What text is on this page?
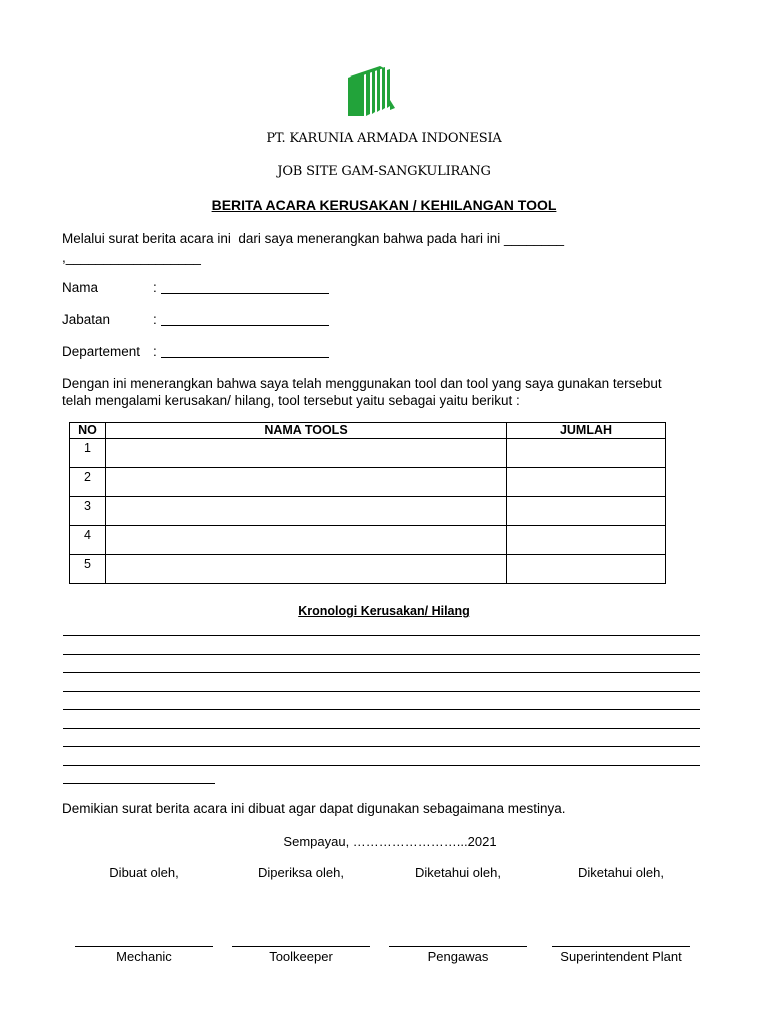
PT. KARUNIA ARMADA INDONESIA
JOB SITE GAM-SANGKULIRANG
BERITA ACARA KERUSAKAN / KEHILANGAN TOOL
Melalui surat berita acara ini  dari saya menerangkan bahwa pada hari ini ________
,__________________
Nama	:
Jabatan	:
Departement :
Dengan ini menerangkan bahwa saya telah menggunakan tool dan tool yang saya gunakan tersebut
telah mengalami kerusakan/ hilang, tool tersebut yaitu sebagai yaitu berikut :
NO	NAMA TOOLS	JUMLAH
1		
2		
3		
4		
5		
Kronologi Kerusakan/ Hilang
Demikian surat berita acara ini dibuat agar dapat digunakan sebagaimana mestinya.
Sempayau, ……………………...2021
Dibuat oleh,	Diperiksa oleh,	Diketahui oleh,	Diketahui oleh,
Mechanic	Toolkeeper	Pengawas	Superintendent Plant
